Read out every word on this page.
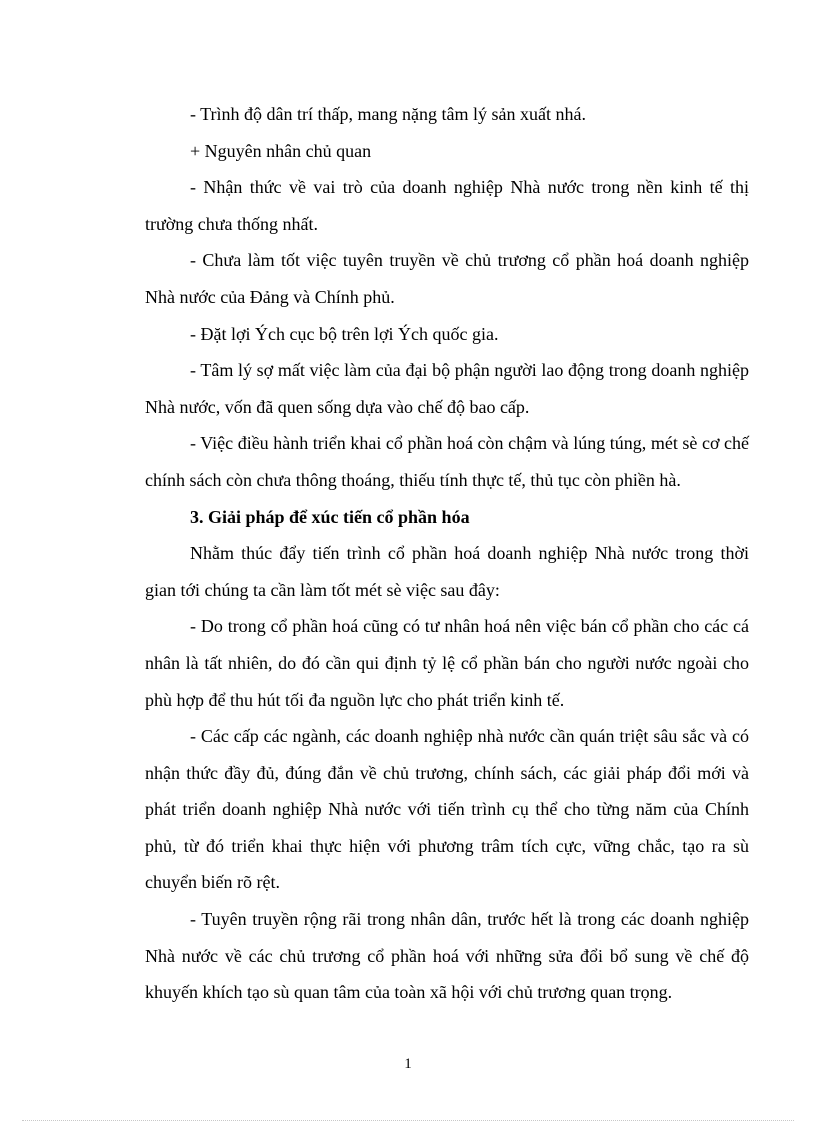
- Trình độ dân trí thấp, mang nặng tâm lý sản xuất nhá.

+ Nguyên nhân chủ quan

- Nhận thức về vai trò của doanh nghiệp Nhà nước trong nền kinh tế thị trường chưa thống nhất.

- Chưa làm tốt việc tuyên truyền về chủ trương cổ phần hoá doanh nghiệp Nhà nước của Đảng và Chính phủ.

- Đặt lợi Ých cục bộ trên lợi Ých quốc gia.

- Tâm lý sợ mất việc làm của đại bộ phận người lao động trong doanh nghiệp Nhà nước, vốn đã quen sống dựa vào chế độ bao cấp.

- Việc điều hành triển khai cổ phần hoá còn chậm và lúng túng, mét sè cơ chế chính sách còn chưa thông thoáng, thiếu tính thực tế, thủ tục còn phiền hà.

3. Giải pháp để xúc tiến cổ phần hóa

Nhằm thúc đẩy tiến trình cổ phần hoá doanh nghiệp Nhà nước trong thời gian tới chúng ta cần làm tốt mét sè việc sau đây:

- Do trong cổ phần hoá cũng có tư nhân hoá nên việc bán cổ phần cho các cá nhân là tất nhiên, do đó cần qui định tỷ lệ cổ phần bán cho người nước ngoài cho phù hợp để thu hút tối đa nguồn lực cho phát triển kinh tế.

- Các cấp các ngành, các doanh nghiệp nhà nước cần quán triệt sâu sắc và có nhận thức đầy đủ, đúng đắn về chủ trương, chính sách, các giải pháp đổi mới và phát triển doanh nghiệp Nhà nước với tiến trình cụ thể cho từng năm của Chính phủ, từ đó triển khai thực hiện với phương trâm tích cực, vững chắc, tạo ra sù chuyển biến rõ rệt.

- Tuyên truyền rộng rãi trong nhân dân, trước hết là trong các doanh nghiệp Nhà nước về các chủ trương cổ phần hoá với những sửa đổi bổ sung về chế độ khuyến khích tạo sù quan tâm của toàn xã hội với chủ trương quan trọng.

1
